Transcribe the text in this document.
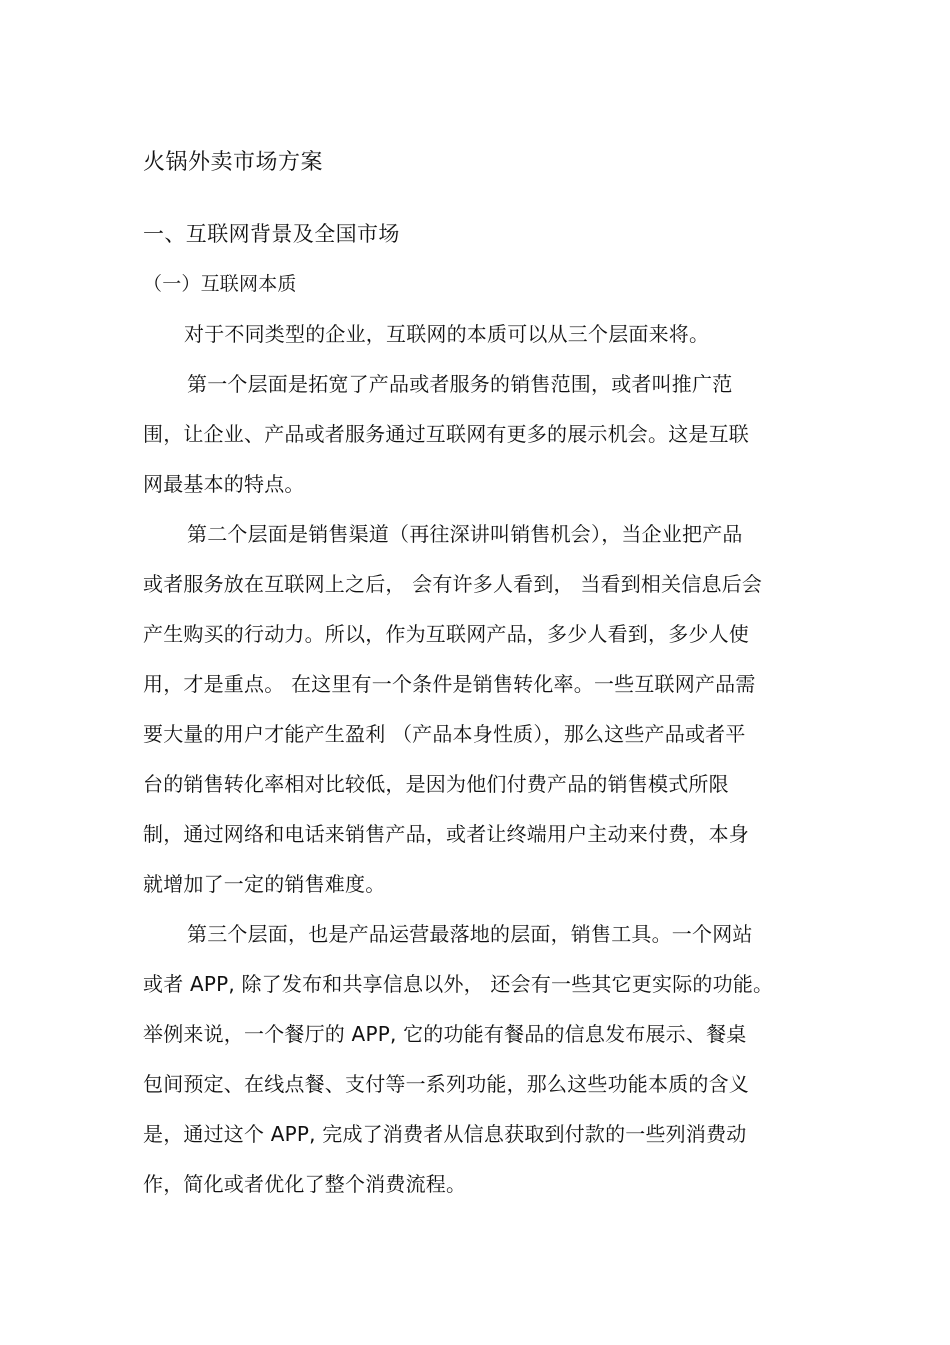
火锅外卖市场方案
一、互联网背景及全国市场
（一）互联网本质
对于不同类型的企业，互联网的本质可以从三个层面来将。
第一个层面是拓宽了产品或者服务的销售范围，或者叫推广范
围，让企业、产品或者服务通过互联网有更多的展示机会。这是互联
网最基本的特点。
第二个层面是销售渠道（再往深讲叫销售机会），当企业把产品
或者服务放在互联网上之后， 会有许多人看到， 当看到相关信息后会
产生购买的行动力。所以，作为互联网产品，多少人看到，多少人使
用，才是重点。 在这里有一个条件是销售转化率。一些互联网产品需
要大量的用户才能产生盈利 （产品本身性质），那么这些产品或者平
台的销售转化率相对比较低，是因为他们付费产品的销售模式所限
制，通过网络和电话来销售产品，或者让终端用户主动来付费，本身
就增加了一定的销售难度。
第三个层面，也是产品运营最落地的层面，销售工具。一个网站
或者 APP, 除了发布和共享信息以外， 还会有一些其它更实际的功能。
举例来说，一个餐厅的 APP, 它的功能有餐品的信息发布展示、餐桌
包间预定、在线点餐、支付等一系列功能，那么这些功能本质的含义
是，通过这个 APP, 完成了消费者从信息获取到付款的一些列消费动
作，简化或者优化了整个消费流程。
